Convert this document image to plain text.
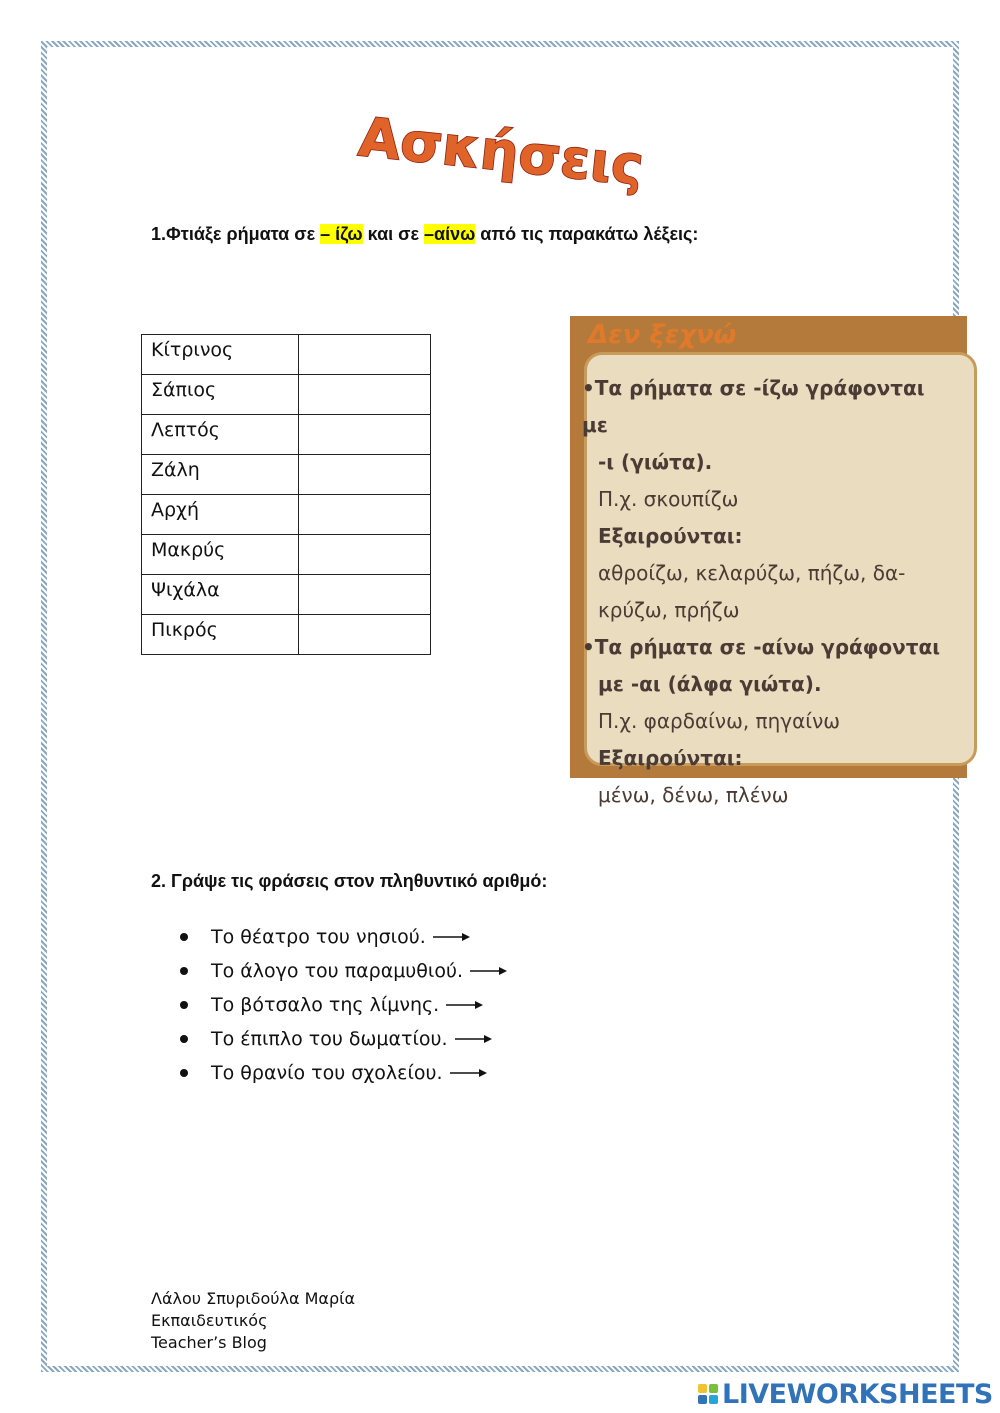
Ασκήσεις
1.Φτιάξε ρήματα σε – ίζω και σε –αίνω από τις παρακάτω λέξεις:
Κίτρινος	
Σάπιος	
Λεπτός	
Ζάλη	
Αρχή	
Μακρύς	
Ψιχάλα	
Πικρός	
Δεν ξεχνώ
•Τα ρήματα σε -ίζω γράφονται με
-ι (γιώτα).
Π.χ. σκουπίζω
Εξαιρούνται:
αθροίζω, κελαρύζω, πήζω, δα-
κρύζω, πρήζω
•Τα ρήματα σε -αίνω γράφονται
με -αι (άλφα γιώτα).
Π.χ. φαρδαίνω, πηγαίνω
Εξαιρούνται:
μένω, δένω, πλένω
2. Γράψε τις φράσεις στον πληθυντικό αριθμό:
Το θέατρο του νησιού.
Το άλογο του παραμυθιού.
Το βότσαλο της λίμνης.
Το έπιπλο του δωματίου.
Το θρανίο του σχολείου.
Λάλου Σπυριδούλα Μαρία
Εκπαιδευτικός
Teacher’s Blog
LIVEWORKSHEETS
